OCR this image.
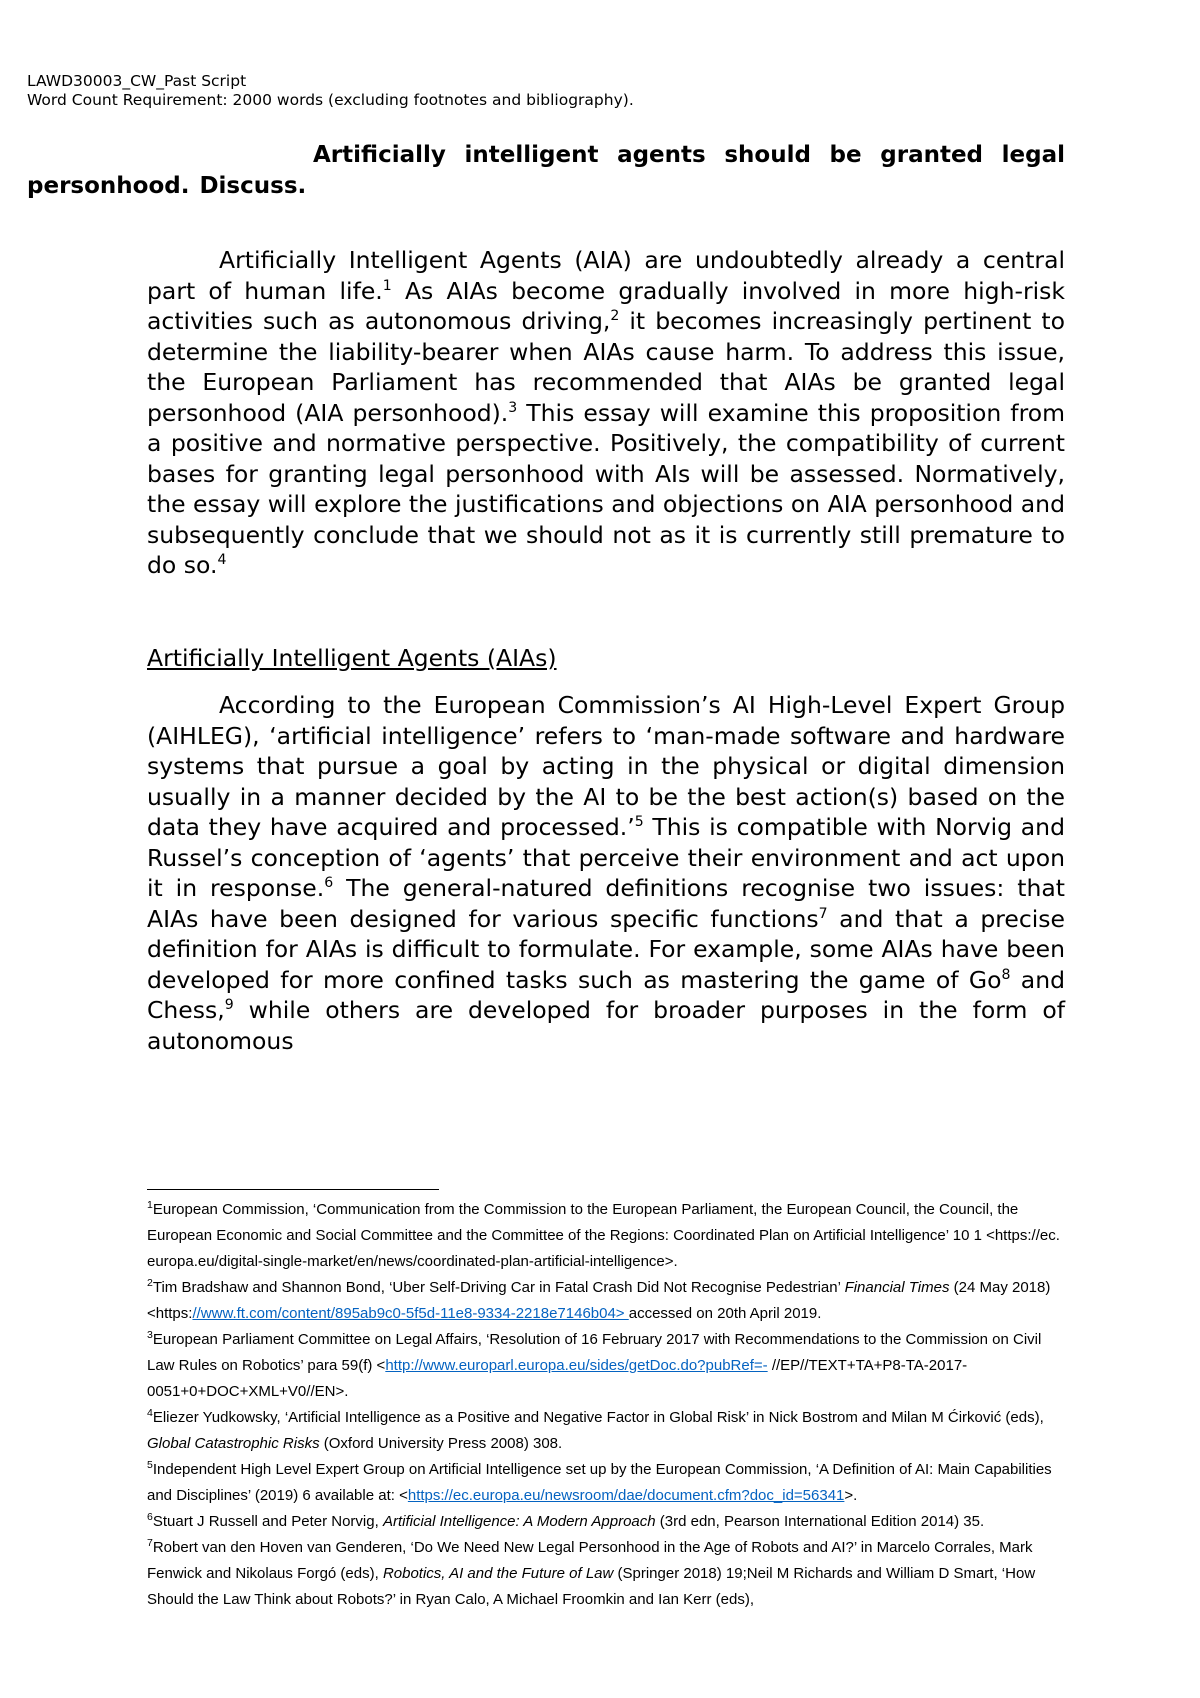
LAWD30003_CW_Past Script
Word Count Requirement: 2000 words (excluding footnotes and bibliography).
Artificially intelligent agents should be granted legal personhood. Discuss.

Artificially Intelligent Agents (AIA) are undoubtedly already a central part of human life.$^1$ As AIAs become gradually involved in more high-risk activities such as autonomous driving,$^2$ it becomes increasingly pertinent to determine the liability-bearer when AIAs cause harm. To address this issue, the European Parliament has recommended that AIAs be granted legal personhood (AIA personhood).$^3$ This essay will examine this proposition from a positive and normative perspective. Positively, the compatibility of current bases for granting legal personhood with AIs will be assessed. Normatively, the essay will explore the justifications and objections on AIA personhood and subsequently conclude that we should not as it is currently still premature to do so.$^4$

Artificially Intelligent Agents (AIAs)

According to the European Commission’s AI High-Level Expert Group (AIHLEG), ‘artificial intelligence’ refers to ‘man-made software and hardware systems that pursue a goal by acting in the physical or digital dimension usually in a manner decided by the AI to be the best action(s) based on the data they have acquired and processed.’$^5$ This is compatible with Norvig and Russel’s conception of ‘agents’ that perceive their environment and act upon it in response.$^6$ The general-natured definitions recognise two issues: that AIAs have been designed for various specific functions$^7$ and that a precise definition for AIAs is difficult to formulate. For example, some AIAs have been developed for more confined tasks such as mastering the game of Go$^8$ and Chess,$^9$ while others are developed for broader purposes in the form of autonomous

$^1$European Commission, ‘Communication from the Commission to the European Parliament, the European Council, the Council, the European Economic and Social Committee and the Committee of the Regions: Coordinated Plan on Artificial Intelligence’ 10 1 <https://ec. europa.eu/digital-single-market/en/news/coordinated-plan-artificial-intelligence>.

$^2$Tim Bradshaw and Shannon Bond, ‘Uber Self-Driving Car in Fatal Crash Did Not Recognise Pedestrian’ Financial Times (24 May 2018) <https://www.ft.com/content/895ab9c0-5f5d-11e8-9334-2218e7146b04> accessed on 20th April 2019.

$^3$European Parliament Committee on Legal Affairs, ‘Resolution of 16 February 2017 with Recommendations to the Commission on Civil Law Rules on Robotics’ para 59(f) <http://www.europarl.europa.eu/sides/getDoc.do?pubRef=- //EP//TEXT+TA+P8-TA-2017-0051+0+DOC+XML+V0//EN>.

$^4$Eliezer Yudkowsky, ‘Artificial Intelligence as a Positive and Negative Factor in Global Risk’ in Nick Bostrom and Milan M Ćirković (eds), Global Catastrophic Risks (Oxford University Press 2008) 308.

$^5$Independent High Level Expert Group on Artificial Intelligence set up by the European Commission, ‘A Definition of AI: Main Capabilities and Disciplines’ (2019) 6 available at: <https://ec.europa.eu/newsroom/dae/document.cfm?doc_id=56341>.

$^6$Stuart J Russell and Peter Norvig, Artificial Intelligence: A Modern Approach (3rd edn, Pearson International Edition 2014) 35.

$^7$Robert van den Hoven van Genderen, ‘Do We Need New Legal Personhood in the Age of Robots and AI?’ in Marcelo Corrales, Mark Fenwick and Nikolaus Forgó (eds), Robotics, AI and the Future of Law (Springer 2018) 19;Neil M Richards and William D Smart, ‘How Should the Law Think about Robots?’ in Ryan Calo, A Michael Froomkin and Ian Kerr (eds),
